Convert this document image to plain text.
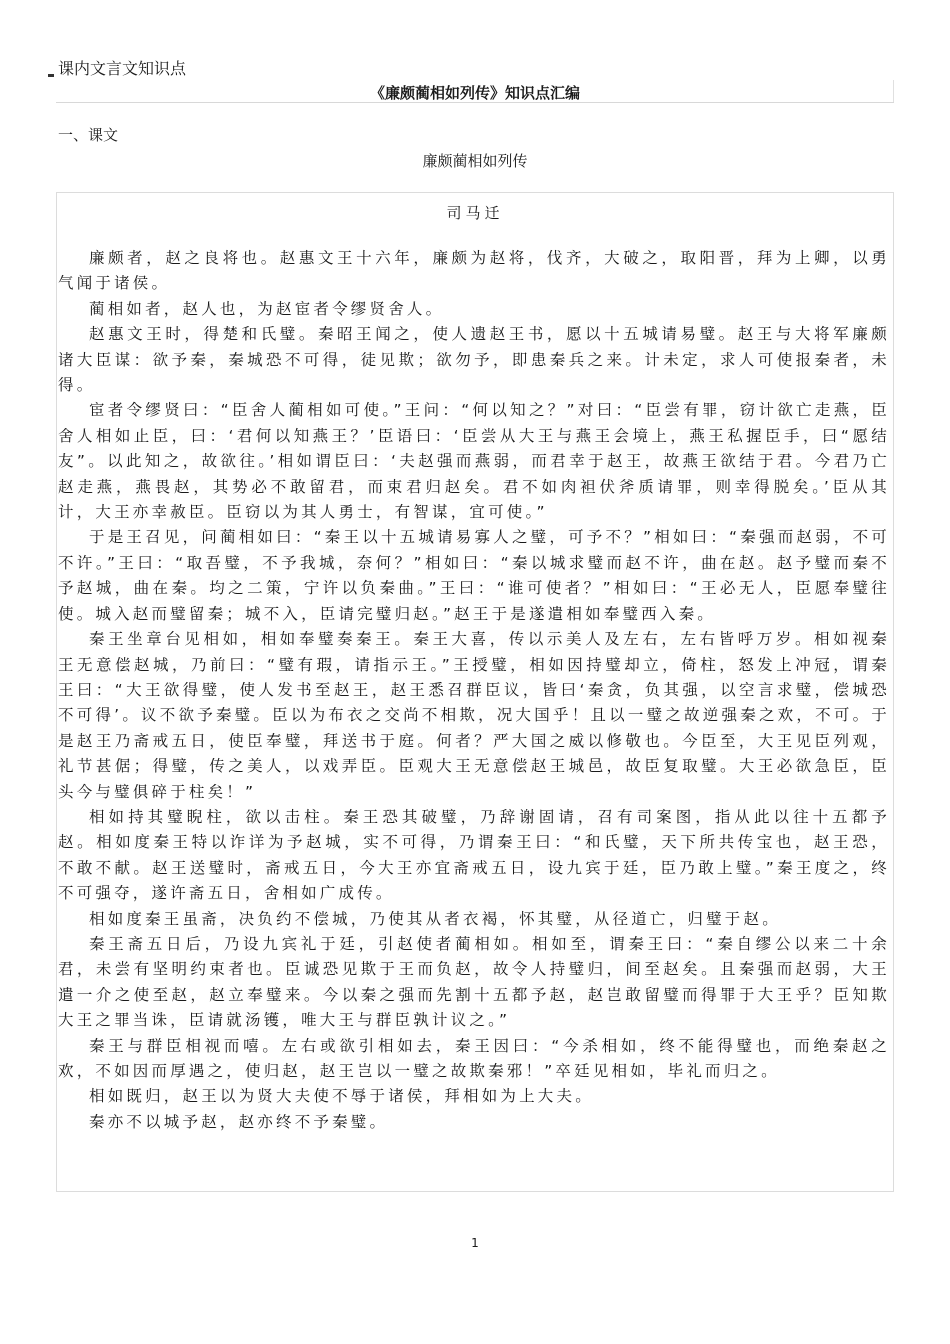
课内文言文知识点
《廉颇蔺相如列传》知识点汇编
一、课文
廉颇蔺相如列传
司马迁

廉颇者，赵之良将也。赵惠文王十六年，廉颇为赵将，伐齐，大破之，取阳晋，拜为上卿，以勇气闻于诸侯。

蔺相如者，赵人也，为赵宦者令缪贤舍人。

赵惠文王时，得楚和氏璧。秦昭王闻之，使人遗赵王书，愿以十五城请易璧。赵王与大将军廉颇诸大臣谋：欲予秦，秦城恐不可得，徒见欺；欲勿予，即患秦兵之来。计未定，求人可使报秦者，未得。

宦者令缪贤曰：“臣舍人蔺相如可使。”王问：“何以知之？”对曰：“臣尝有罪，窃计欲亡走燕，臣舍人相如止臣，曰：‘君何以知燕王？’臣语曰：‘臣尝从大王与燕王会境上，燕王私握臣手，曰“愿结友”。以此知之，故欲往。’相如谓臣曰：‘夫赵强而燕弱，而君幸于赵王，故燕王欲结于君。今君乃亡赵走燕，燕畏赵，其势必不敢留君，而束君归赵矣。君不如肉袒伏斧质请罪，则幸得脱矣。’臣从其计，大王亦幸赦臣。臣窃以为其人勇士，有智谋，宜可使。”

于是王召见，问蔺相如曰：“秦王以十五城请易寡人之璧，可予不？”相如曰：“秦强而赵弱，不可不许。”王曰：“取吾璧，不予我城，奈何？”相如曰：“秦以城求璧而赵不许，曲在赵。赵予璧而秦不予赵城，曲在秦。均之二策，宁许以负秦曲。”王曰：“谁可使者？”相如曰：“王必无人，臣愿奉璧往使。城入赵而璧留秦；城不入，臣请完璧归赵。”赵王于是遂遣相如奉璧西入秦。

秦王坐章台见相如，相如奉璧奏秦王。秦王大喜，传以示美人及左右，左右皆呼万岁。相如视秦王无意偿赵城，乃前曰：“璧有瑕，请指示王。”王授璧，相如因持璧却立，倚柱，怒发上冲冠，谓秦王曰：“大王欲得璧，使人发书至赵王，赵王悉召群臣议，皆曰‘秦贪，负其强，以空言求璧，偿城恐不可得’。议不欲予秦璧。臣以为布衣之交尚不相欺，况大国乎！且以一璧之故逆强秦之欢，不可。于是赵王乃斋戒五日，使臣奉璧，拜送书于庭。何者？严大国之威以修敬也。今臣至，大王见臣列观，礼节甚倨；得璧，传之美人，以戏弄臣。臣观大王无意偿赵王城邑，故臣复取璧。大王必欲急臣，臣头今与璧俱碎于柱矣！”

相如持其璧睨柱，欲以击柱。秦王恐其破璧，乃辞谢固请，召有司案图，指从此以往十五都予赵。相如度秦王特以诈详为予赵城，实不可得，乃谓秦王曰：“和氏璧，天下所共传宝也，赵王恐，不敢不献。赵王送璧时，斋戒五日，今大王亦宜斋戒五日，设九宾于廷，臣乃敢上璧。”秦王度之，终不可强夺，遂许斋五日，舍相如广成传。

相如度秦王虽斋，决负约不偿城，乃使其从者衣褐，怀其璧，从径道亡，归璧于赵。

秦王斋五日后，乃设九宾礼于廷，引赵使者蔺相如。相如至，谓秦王曰：“秦自缪公以来二十余君，未尝有坚明约束者也。臣诚恐见欺于王而负赵，故令人持璧归，间至赵矣。且秦强而赵弱，大王遣一介之使至赵，赵立奉璧来。今以秦之强而先割十五都予赵，赵岂敢留璧而得罪于大王乎？臣知欺大王之罪当诛，臣请就汤镬，唯大王与群臣孰计议之。”

秦王与群臣相视而嘻。左右或欲引相如去，秦王因曰：“今杀相如，终不能得璧也，而绝秦赵之欢，不如因而厚遇之，使归赵，赵王岂以一璧之故欺秦邪！”卒廷见相如，毕礼而归之。

相如既归，赵王以为贤大夫使不辱于诸侯，拜相如为上大夫。

秦亦不以城予赵，赵亦终不予秦璧。

1
